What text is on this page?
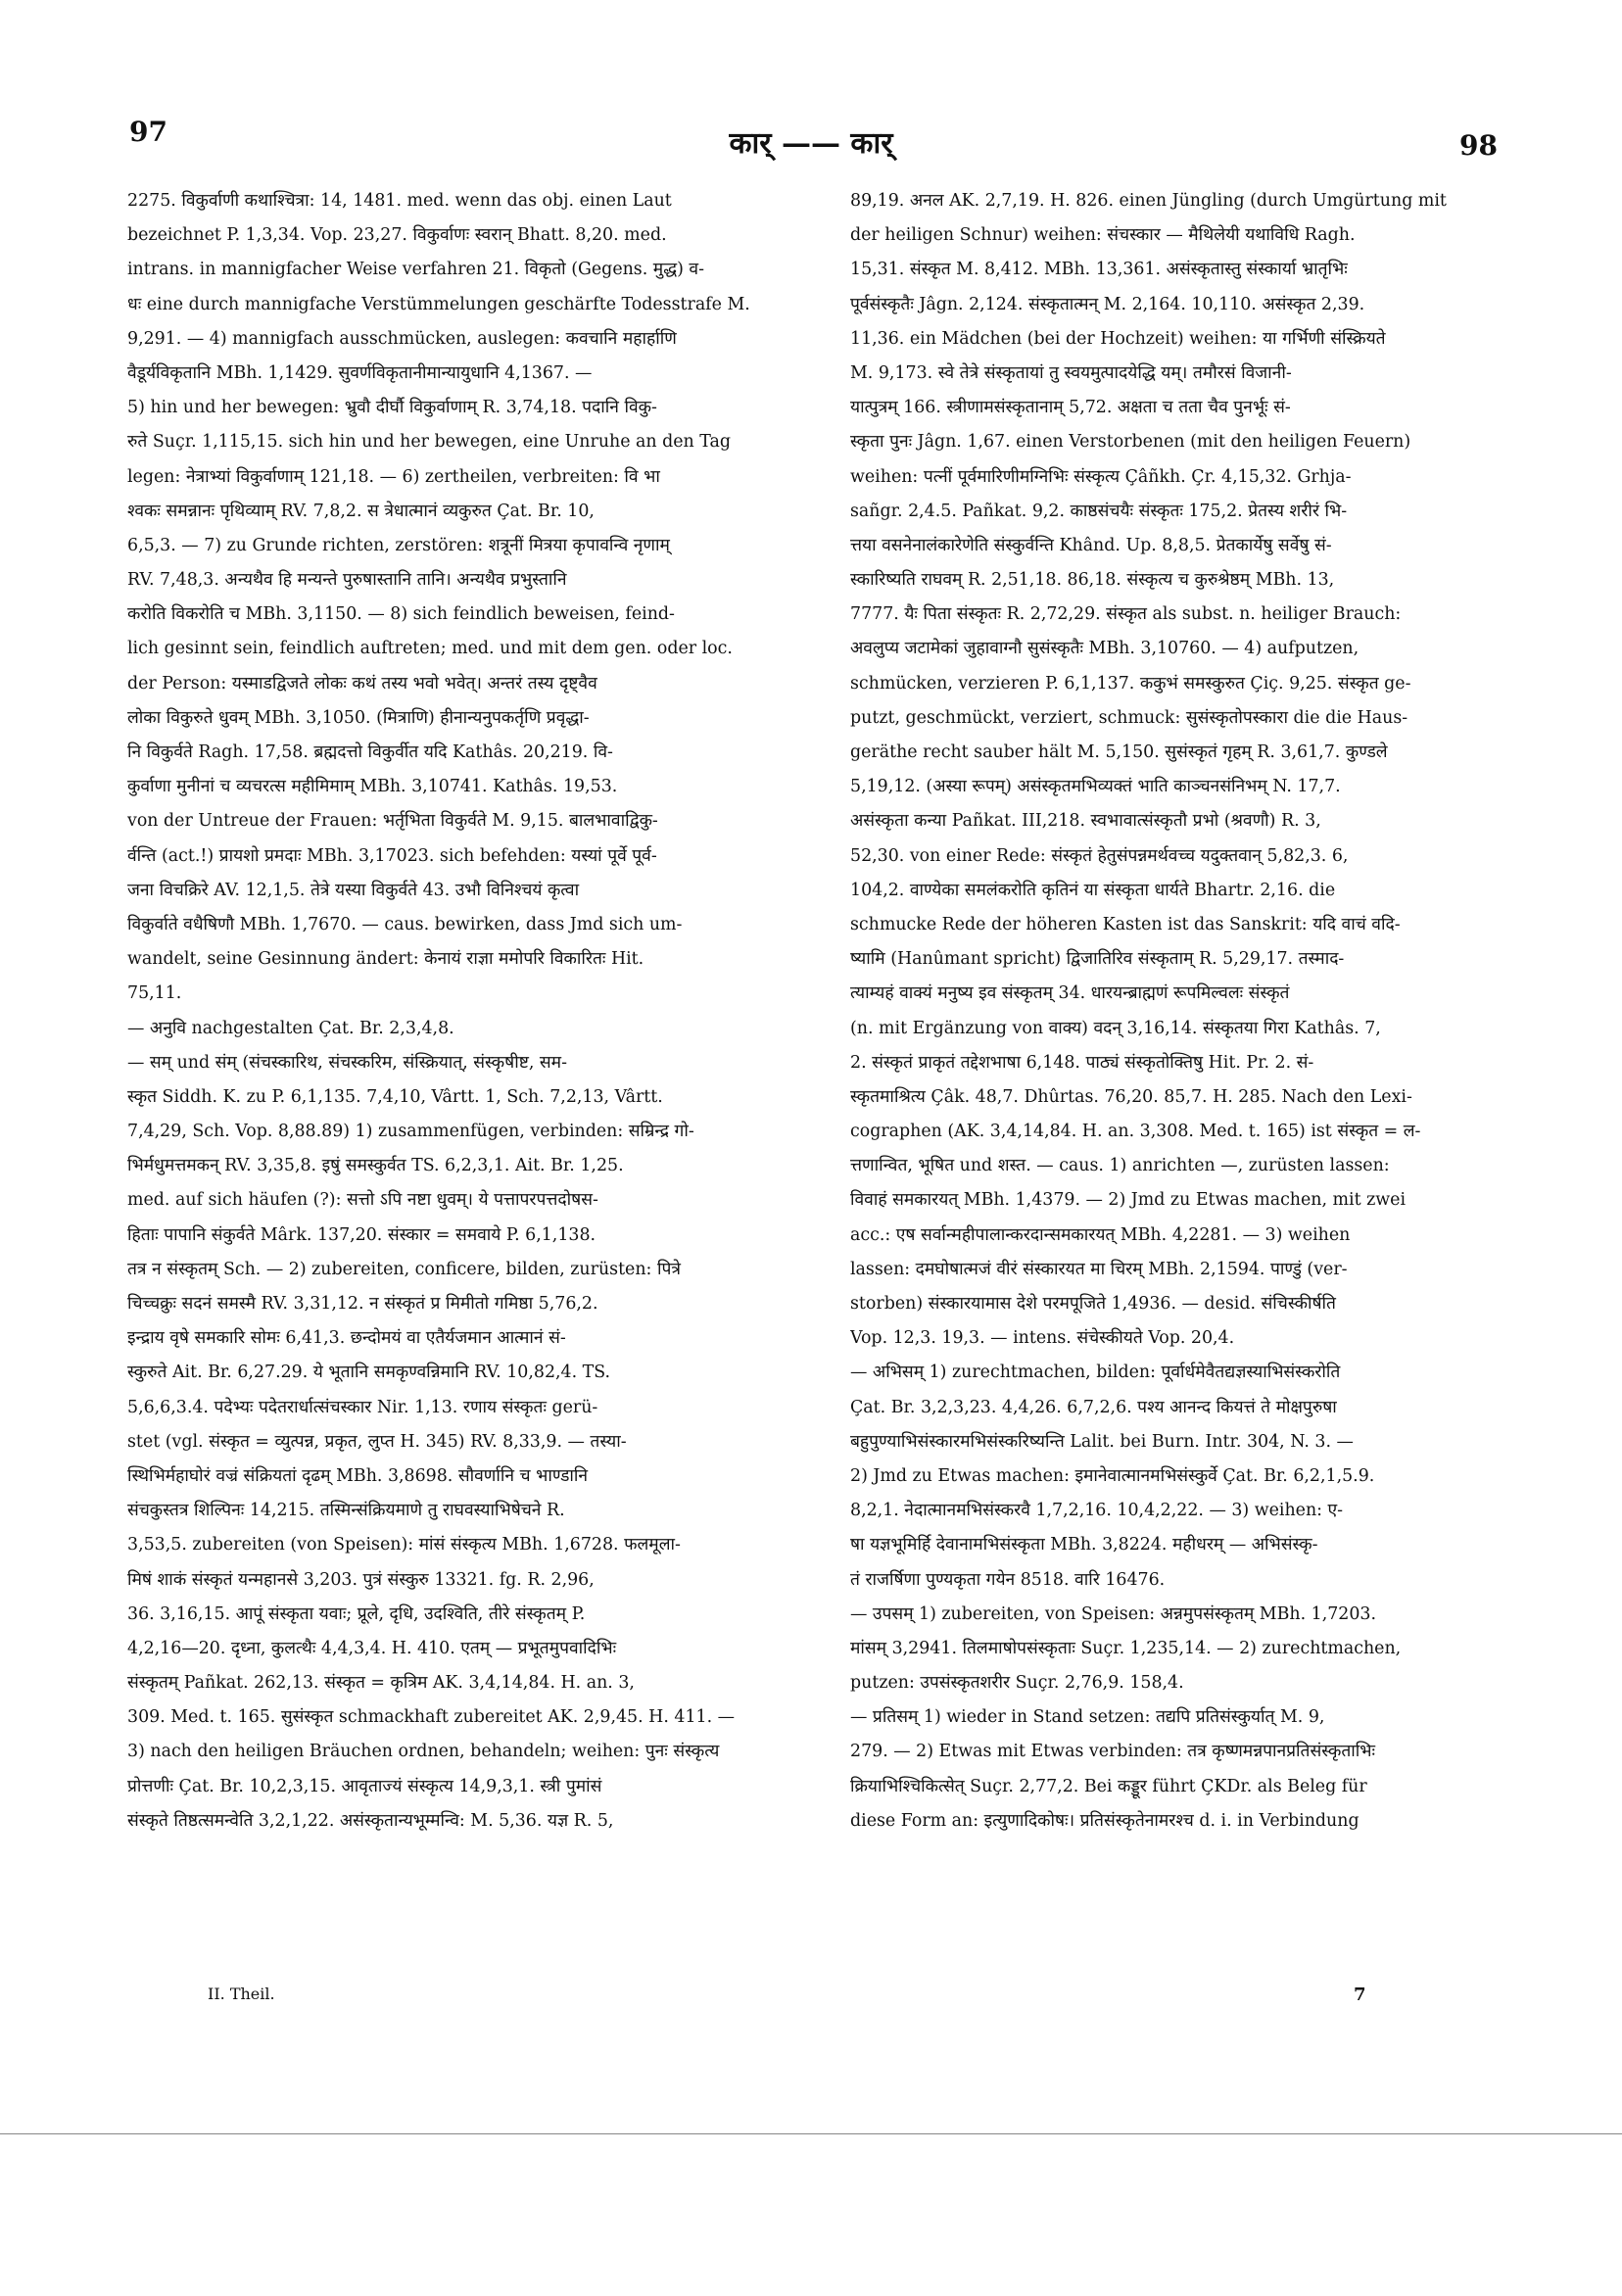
97	कार् —— कार्	98
2275. विकुर्वाणी कथाश्चित्रा: 14, 1481. med. wenn das obj. einen Laut
bezeichnet P. 1,3,34. Vop. 23,27. विकुर्वाणः स्वरान् Bhatt. 8,20. med.
intrans. in mannigfacher Weise verfahren 21. विकृतो (Gegens. मुद्ध) व-
धः eine durch mannigfache Verstümmelungen geschärfte Todesstrafe M.
9,291. — 4) mannigfach ausschmücken, auslegen: कवचानि महार्हाणि
वैडूर्यविकृतानि MBh. 1,1429. सुवर्णविकृतानीमान्यायुधानि 4,1367. —
5) hin und her bewegen: भ्रुवौ दीर्घौ विकुर्वाणाम् R. 3,74,18. पदानि विकु-
रुते Suçr. 1,115,15. sich hin und her bewegen, eine Unruhe an den Tag
legen: नेत्राभ्यां विकुर्वाणाम् 121,18. — 6) zertheilen, verbreiten: वि भा
श्वकः समन्नानः पृथिव्याम् RV. 7,8,2. स त्रेधात्मानं व्यकुरुत Çat. Br. 10,
6,5,3. — 7) zu Grunde richten, zerstören: शत्रूनीं मित्रया कृपावन्वि नृणाम्
RV. 7,48,3. अन्यथैव हि मन्यन्ते पुरुषास्तानि तानि। अन्यथैव प्रभुस्तानि
करोति विकरोति च MBh. 3,1150. — 8) sich feindlich beweisen, feind-
lich gesinnt sein, feindlich auftreten; med. und mit dem gen. oder loc.
der Person: यस्माडद्विजते लोकः कथं तस्य भवो भवेत्। अन्तरं तस्य दृष्ट्वैव
लोका विकुरुते धुवम् MBh. 3,1050. (मित्राणि) हीनान्यनुपकर्तृणि प्रवृद्धा-
नि विकुर्वते Ragh. 17,58. ब्रह्मदत्तो विकुर्वीत यदि Kathâs. 20,219. वि-
कुर्वाणा मुनीनां च व्यचरत्स महीमिमाम् MBh. 3,10741. Kathâs. 19,53.
von der Untreue der Frauen: भर्तृभिता विकुर्वते M. 9,15. बालभावाद्विकु-
र्वन्ति (act.!) प्रायशो प्रमदाः MBh. 3,17023. sich befehden: यस्यां पूर्वे पूर्व-
जना विचक्रिरे AV. 12,1,5. तेत्रे यस्या विकुर्वते 43. उभौ विनिश्चयं कृत्वा
विकुर्वाते वधैषिणौ MBh. 1,7670. — caus. bewirken, dass Jmd sich um-
wandelt, seine Gesinnung ändert: केनायं राज्ञा ममोपरि विकारितः Hit.
75,11.
— अनुवि nachgestalten Çat. Br. 2,3,4,8.
— सम् und संम् (संचस्कारिथ, संचस्करिम, संस्क्रियात्, संस्कृषीष्ट, सम-
स्कृत Siddh. K. zu P. 6,1,135. 7,4,10, Vârtt. 1, Sch. 7,2,13, Vârtt.
7,4,29, Sch. Vop. 8,88.89) 1) zusammenfügen, verbinden: सम्रिन्द्र गो-
भिर्मधुमत्तमकन् RV. 3,35,8. इषुं समस्कुर्वत TS. 6,2,3,1. Ait. Br. 1,25.
med. auf sich häufen (?): सत्तो ऽपि नष्टा धुवम्। ये पत्तापरपत्तदोषस-
हिताः पापानि संकुर्वते Mârk. 137,20. संस्कार = समवाये P. 6,1,138.
तत्र न संस्कृतम् Sch. — 2) zubereiten, conficere, bilden, zurüsten: पित्रे
चिच्चक्रुः सदनं समस्मै RV. 3,31,12. न संस्कृतं प्र मिमीतो गमिष्ठा 5,76,2.
इन्द्राय वृषे समकारि सोमः 6,41,3. छन्दोमयं वा एतैर्यजमान आत्मानं सं-
स्कुरुते Ait. Br. 6,27.29. ये भूतानि समकृण्वन्निमानि RV. 10,82,4. TS.
5,6,6,3.4. पदेभ्यः पदेतरार्धात्संचस्कार Nir. 1,13. रणाय संस्कृतः gerü-
stet (vgl. संस्कृत = व्युत्पन्न, प्रकृत, लुप्त H. 345) RV. 8,33,9. — तस्या-
स्थिभिर्महाघोरं वज्रं संक्रियतां दृढम् MBh. 3,8698. सौवर्णानि च भाण्डानि
संचकुस्तत्र शिल्पिनः 14,215. तस्मिन्संक्रियमाणे तु राघवस्याभिषेचने R.
3,53,5. zubereiten (von Speisen): मांसं संस्कृत्य MBh. 1,6728. फलमूला-
मिषं शाकं संस्कृतं यन्महानसे 3,203. पुत्रं संस्कुरु 13321. fg. R. 2,96,
36. 3,16,15. आपूं संस्कृता यवाः; प्रूले, दृधि, उदश्विति, तीरे संस्कृतम् P.
4,2,16—20. दृध्ना, कुलत्थैः 4,4,3,4. H. 410. एतम् — प्रभूतमुपवादिभिः
संस्कृतम् Pañkat. 262,13. संस्कृत = कृत्रिम AK. 3,4,14,84. H. an. 3,
309. Med. t. 165. सुसंस्कृत schmackhaft zubereitet AK. 2,9,45. H. 411. —
3) nach den heiligen Bräuchen ordnen, behandeln; weihen: पुनः संस्कृत्य
प्रोत्तणीः Çat. Br. 10,2,3,15. आवृताज्यं संस्कृत्य 14,9,3,1. स्त्री पुमांसं
संस्कृते तिष्ठत्समन्वेति 3,2,1,22. असंस्कृतान्यभूम्मन्वि: M. 5,36. यज्ञ R. 5,
89,19. अनल AK. 2,7,19. H. 826. einen Jüngling (durch Umgürtung mit
der heiligen Schnur) weihen: संचस्कार — मैथिलेयी यथाविधि Ragh.
15,31. संस्कृत M. 8,412. MBh. 13,361. असंस्कृतास्तु संस्कार्या भ्रातृभिः
पूर्वसंस्कृतैः Jâgn. 2,124. संस्कृतात्मन् M. 2,164. 10,110. असंस्कृत 2,39.
11,36. ein Mädchen (bei der Hochzeit) weihen: या गर्भिणी संस्क्रियते
M. 9,173. स्वे तेत्रे संस्कृतायां तु स्वयमुत्पादयेद्धि यम्। तमौरसं विजानी-
यात्पुत्रम् 166. स्त्रीणामसंस्कृतानाम् 5,72. अक्षता च तता चैव पुनर्भूः सं-
स्कृता पुनः Jâgn. 1,67. einen Verstorbenen (mit den heiligen Feuern)
weihen: पत्नीं पूर्वमारिणीमग्निभिः संस्कृत्य Çâñkh. Çr. 4,15,32. Grhja-
sañgr. 2,4.5. Pañkat. 9,2. काष्ठसंचयैः संस्कृतः 175,2. प्रेतस्य शरीरं भि-
त्तया वसनेनालंकारेणेति संस्कुर्वन्ति Khând. Up. 8,8,5. प्रेतकार्येषु सर्वेषु सं-
स्कारिष्यति राघवम् R. 2,51,18. 86,18. संस्कृत्य च कुरुश्रेष्ठम् MBh. 13,
7777. यैः पिता संस्कृतः R. 2,72,29. संस्कृत als subst. n. heiliger Brauch:
अवलुप्य जटामेकां जुहावाग्नौ सुसंस्कृतैः MBh. 3,10760. — 4) aufputzen,
schmücken, verzieren P. 6,1,137. ककुभं समस्कुरुत Çiç. 9,25. संस्कृत ge-
putzt, geschmückt, verziert, schmuck: सुसंस्कृतोपस्कारा die die Haus-
geräthe recht sauber hält M. 5,150. सुसंस्कृतं गृहम् R. 3,61,7. कुण्डले
5,19,12. (अस्या रूपम्) असंस्कृतमभिव्यक्तं भाति काञ्चनसंनिभम् N. 17,7.
असंस्कृता कन्या Pañkat. III,218. स्वभावात्संस्कृतौ प्रभो (श्रवणौ) R. 3,
52,30. von einer Rede: संस्कृतं हेतुसंपन्नमर्थवच्च यदुक्तवान् 5,82,3. 6,
104,2. वाण्येका समलंकरोति कृतिनं या संस्कृता धार्यते Bhartr. 2,16. die
schmucke Rede der höheren Kasten ist das Sanskrit: यदि वाचं वदि-
ष्यामि (Hanûmant spricht) द्विजातिरिव संस्कृताम् R. 5,29,17. तस्माद-
त्याम्यहं वाक्यं मनुष्य इव संस्कृतम् 34. धारयन्ब्राह्मणं रूपमिल्वलः संस्कृतं
(n. mit Ergänzung von वाक्य) वदन् 3,16,14. संस्कृतया गिरा Kathâs. 7,
2. संस्कृतं प्राकृतं तद्देशभाषा 6,148. पाठ्यं संस्कृतोक्तिषु Hit. Pr. 2. सं-
स्कृतमाश्रित्य Çâk. 48,7. Dhûrtas. 76,20. 85,7. H. 285. Nach den Lexi-
cographen (AK. 3,4,14,84. H. an. 3,308. Med. t. 165) ist संस्कृत = ल-
त्तणान्वित, भूषित und शस्त. — caus. 1) anrichten —, zurüsten lassen:
विवाहं समकारयत् MBh. 1,4379. — 2) Jmd zu Etwas machen, mit zwei
acc.: एष सर्वान्महीपालान्करदान्समकारयत् MBh. 4,2281. — 3) weihen
lassen: दमघोषात्मजं वीरं संस्कारयत मा चिरम् MBh. 2,1594. पाण्डुं (ver-
storben) संस्कारयामास देशे परमपूजिते 1,4936. — desid. संचिस्कीर्षति
Vop. 12,3. 19,3. — intens. संचेस्कीयते Vop. 20,4.
— अभिसम् 1) zurechtmachen, bilden: पूर्वार्धमेवैतद्यज्ञस्याभिसंस्करोति
Çat. Br. 3,2,3,23. 4,4,26. 6,7,2,6. पश्य आनन्द कियत्तं ते मोक्षपुरुषा
बहुपुण्याभिसंस्कारमभिसंस्करिष्यन्ति Lalit. bei Burn. Intr. 304, N. 3. —
2) Jmd zu Etwas machen: इमानेवात्मानमभिसंस्कुर्वे Çat. Br. 6,2,1,5.9.
8,2,1. नेदात्मानमभिसंस्करवै 1,7,2,16. 10,4,2,22. — 3) weihen: ए-
षा यज्ञभूमिर्हि देवानामभिसंस्कृता MBh. 3,8224. महीधरम् — अभिसंस्कृ-
तं राजर्षिणा पुण्यकृता गयेन 8518. वारि 16476.
— उपसम् 1) zubereiten, von Speisen: अन्नमुपसंस्कृतम् MBh. 1,7203.
मांसम् 3,2941. तिलमाषोपसंस्कृताः Suçr. 1,235,14. — 2) zurechtmachen,
putzen: उपसंस्कृतशरीर Suçr. 2,76,9. 158,4.
— प्रतिसम् 1) wieder in Stand setzen: तद्यपि प्रतिसंस्कुर्यात् M. 9,
279. — 2) Etwas mit Etwas verbinden: तत्र कृष्णमन्नपानप्रतिसंस्कृताभिः
क्रियाभिश्चिकित्सेत् Suçr. 2,77,2. Bei कड्डूर führt ÇKDr. als Beleg für
diese Form an: इत्युणादिकोषः। प्रतिसंस्कृतेनामरश्च d. i. in Verbindung
II. Theil.	7
